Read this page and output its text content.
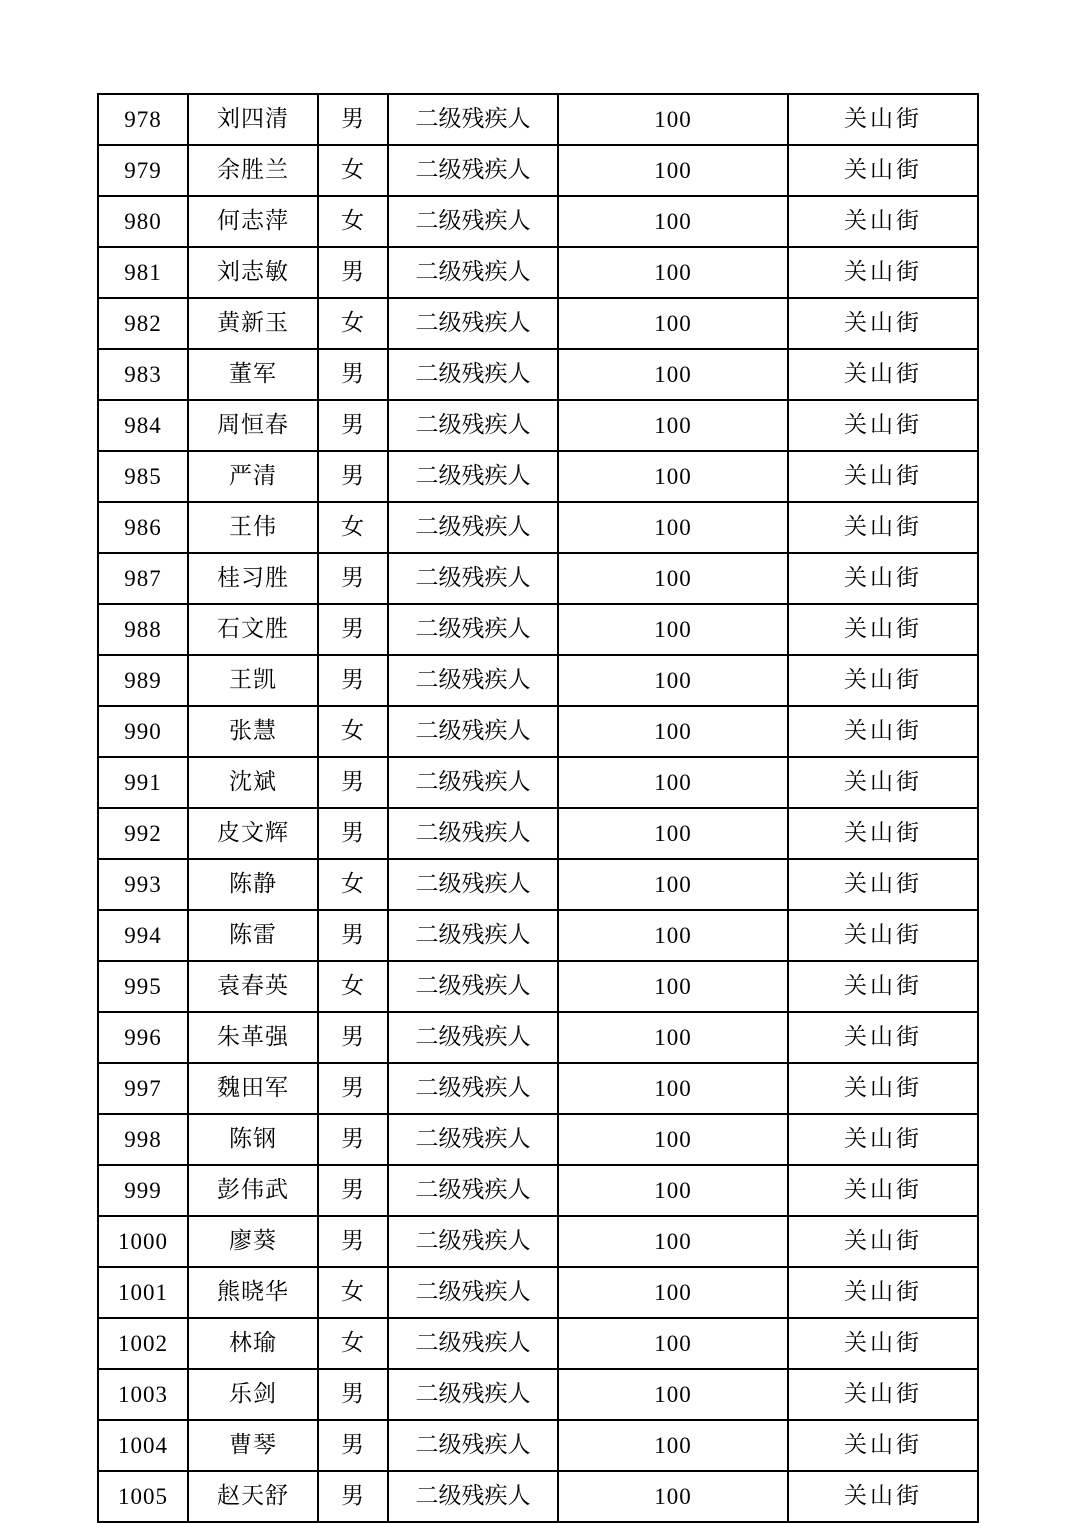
978	刘四清	男	二级残疾人	100	关山街
979	余胜兰	女	二级残疾人	100	关山街
980	何志萍	女	二级残疾人	100	关山街
981	刘志敏	男	二级残疾人	100	关山街
982	黄新玉	女	二级残疾人	100	关山街
983	董军	男	二级残疾人	100	关山街
984	周恒春	男	二级残疾人	100	关山街
985	严清	男	二级残疾人	100	关山街
986	王伟	女	二级残疾人	100	关山街
987	桂习胜	男	二级残疾人	100	关山街
988	石文胜	男	二级残疾人	100	关山街
989	王凯	男	二级残疾人	100	关山街
990	张慧	女	二级残疾人	100	关山街
991	沈斌	男	二级残疾人	100	关山街
992	皮文辉	男	二级残疾人	100	关山街
993	陈静	女	二级残疾人	100	关山街
994	陈雷	男	二级残疾人	100	关山街
995	袁春英	女	二级残疾人	100	关山街
996	朱革强	男	二级残疾人	100	关山街
997	魏田军	男	二级残疾人	100	关山街
998	陈钢	男	二级残疾人	100	关山街
999	彭伟武	男	二级残疾人	100	关山街
1000	廖葵	男	二级残疾人	100	关山街
1001	熊晓华	女	二级残疾人	100	关山街
1002	林瑜	女	二级残疾人	100	关山街
1003	乐剑	男	二级残疾人	100	关山街
1004	曹琴	男	二级残疾人	100	关山街
1005	赵天舒	男	二级残疾人	100	关山街
